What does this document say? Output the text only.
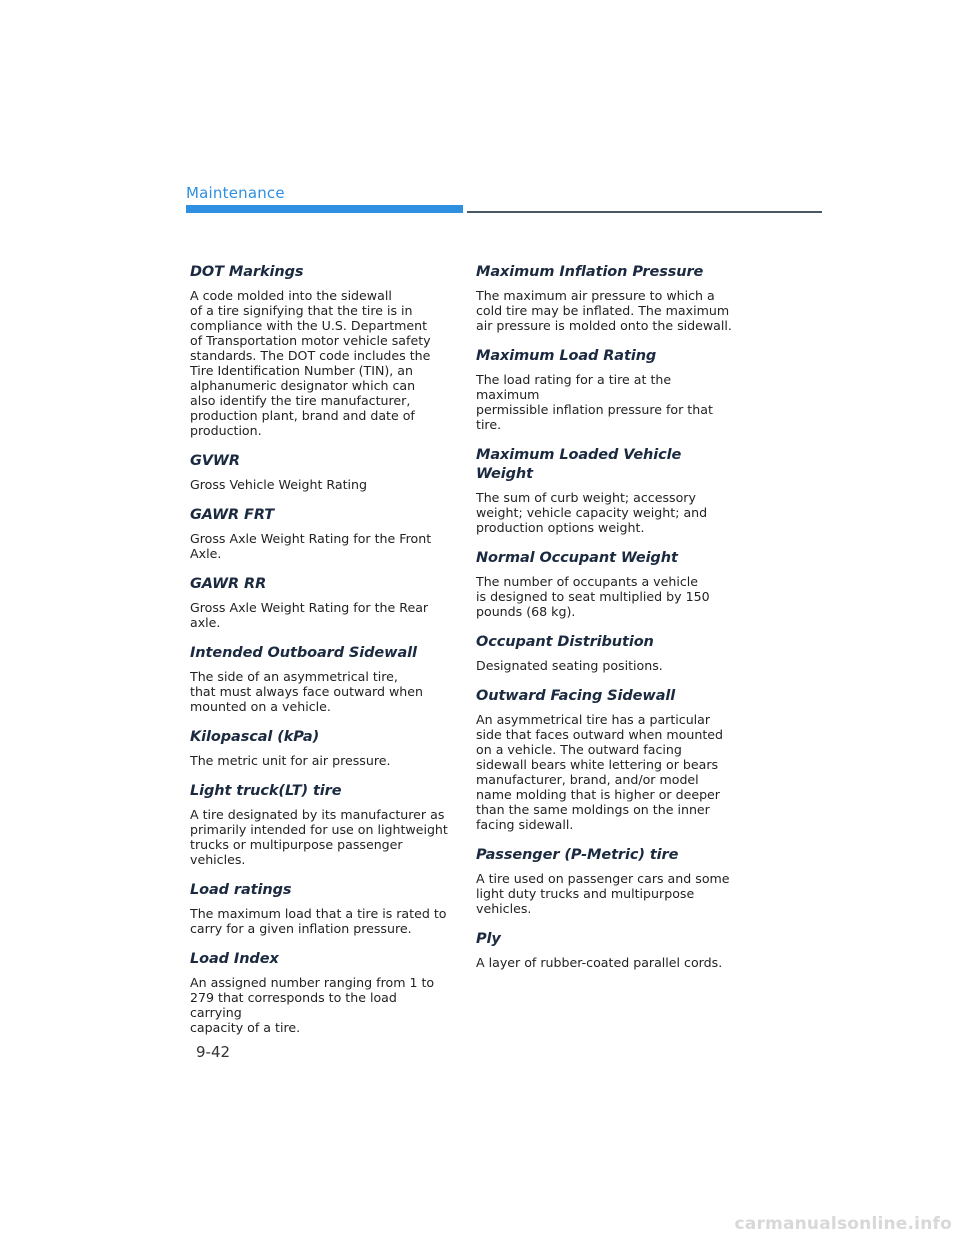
Maintenance
DOT Markings
A code molded into the sidewall
of a tire signifying that the tire is in
compliance with the U.S. Department
of Transportation motor vehicle safety
standards. The DOT code includes the
Tire Identification Number (TIN), an
alphanumeric designator which can
also identify the tire manufacturer,
production plant, brand and date of
production.
GVWR
Gross Vehicle Weight Rating
GAWR FRT
Gross Axle Weight Rating for the Front
Axle.
GAWR RR
Gross Axle Weight Rating for the Rear
axle.
Intended Outboard Sidewall
The side of an asymmetrical tire,
that must always face outward when
mounted on a vehicle.
Kilopascal (kPa)
The metric unit for air pressure.
Light truck(LT) tire
A tire designated by its manufacturer as
primarily intended for use on lightweight
trucks or multipurpose passenger
vehicles.
Load ratings
The maximum load that a tire is rated to
carry for a given inflation pressure.
Load Index
An assigned number ranging from 1 to
279 that corresponds to the load carrying
capacity of a tire.
Maximum Inflation Pressure
The maximum air pressure to which a
cold tire may be inflated. The maximum
air pressure is molded onto the sidewall.
Maximum Load Rating
The load rating for a tire at the maximum
permissible inflation pressure for that
tire.
Maximum Loaded Vehicle Weight
The sum of curb weight; accessory
weight; vehicle capacity weight; and
production options weight.
Normal Occupant Weight
The number of occupants a vehicle
is designed to seat multiplied by 150
pounds (68 kg).
Occupant Distribution
Designated seating positions.
Outward Facing Sidewall
An asymmetrical tire has a particular
side that faces outward when mounted
on a vehicle. The outward facing
sidewall bears white lettering or bears
manufacturer, brand, and/or model
name molding that is higher or deeper
than the same moldings on the inner
facing sidewall.
Passenger (P-Metric) tire
A tire used on passenger cars and some
light duty trucks and multipurpose
vehicles.
Ply
A layer of rubber-coated parallel cords.
9-42
carmanualsonline.info
